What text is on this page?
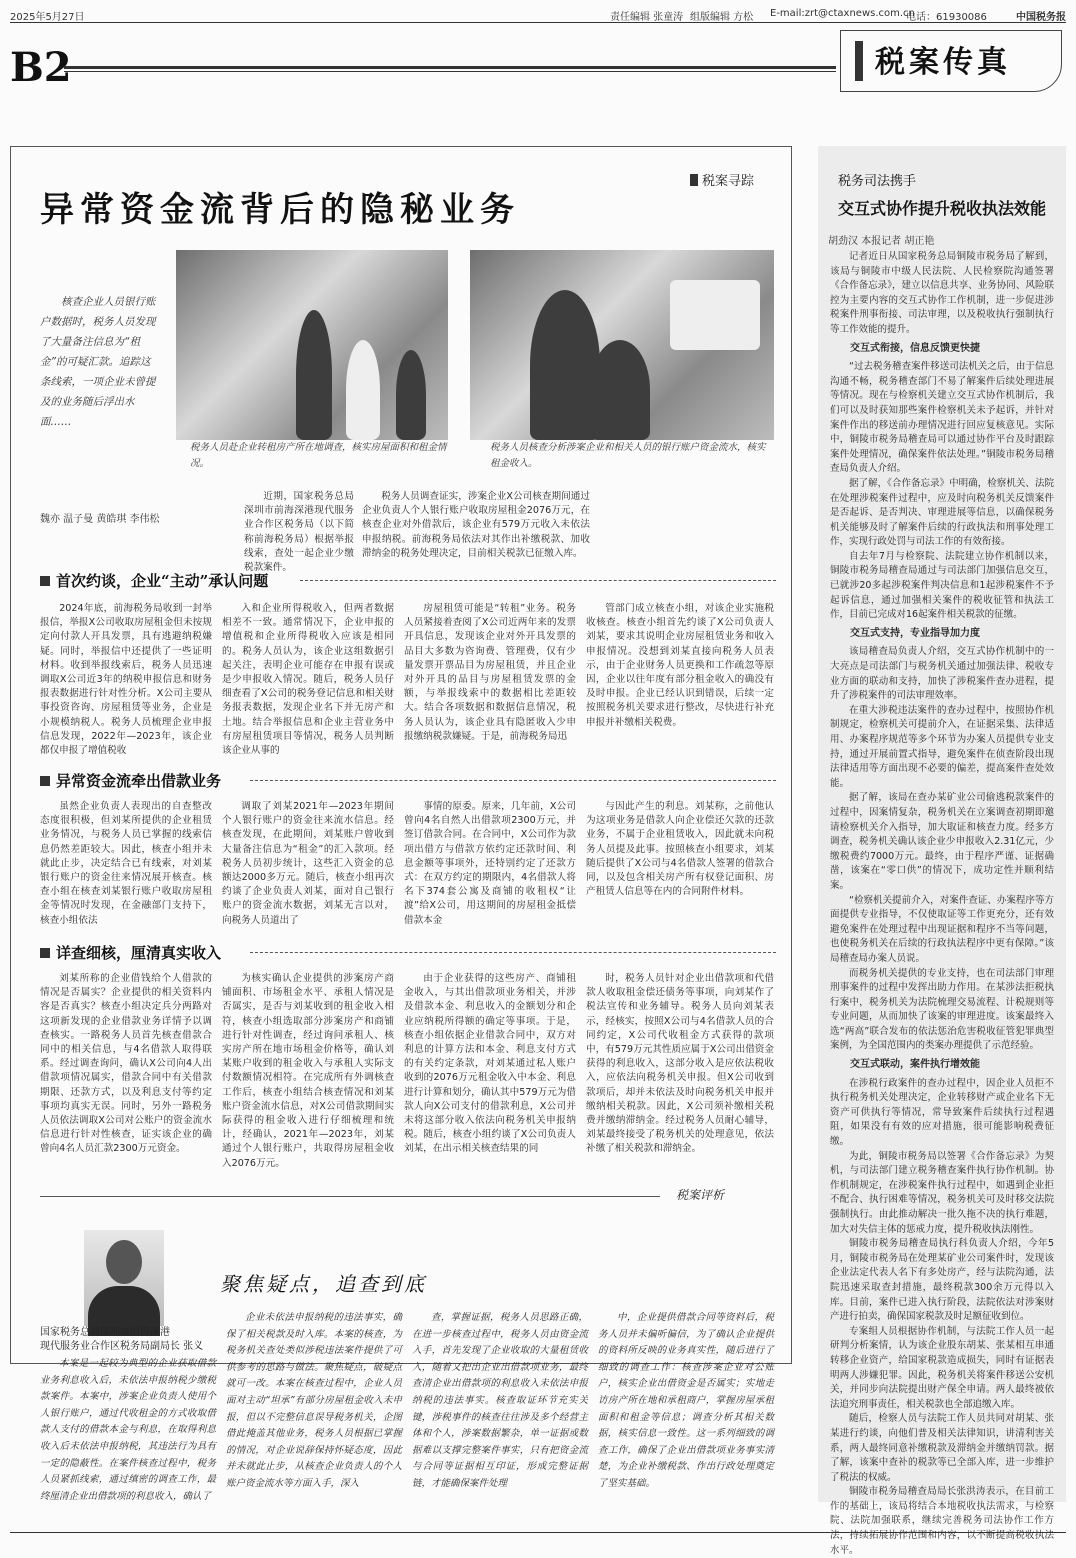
2025年5月27日	责任编辑 张童涛 组版编辑 方松 E-mail:zrt@ctaxnews.com.cn
电话：61930086	中国税务报
B2	税案传真
税案寻踪
异常资金流背后的隐秘业务
核查企业人员银行账户数据时，税务人员发现了大量备注信息为“租金”的可疑汇款。追踪这条线索，一项企业未曾提及的业务随后浮出水面……
税务人员赴企业转租房产所在地调查，核实房屋面积和租金情况。
税务人员核查分析涉案企业和相关人员的银行账户资金流水，核实租金收入。
魏亦 温子曼 黄皓琪 李伟松

近期，国家税务总局深圳市前海深港现代服务业合作区税务局（以下简称前海税务局）根据举报线索，查处一起企业少缴税款案件。

税务人员调查证实，涉案企业X公司核查期间通过企业负责人个人银行账户收取房屋租金2076万元，在核查企业对外借款后，该企业有579万元收入未依法申报纳税。前海税务局依法对其作出补缴税款、加收滞纳金的税务处理决定，目前相关税款已征缴入库。

首次约谈，企业“主动”承认问题

2024年底，前海税务局收到一封举报信，举报X公司收取房屋租金但未按规定向付款人开具发票，具有逃避纳税嫌疑。同时，举报信中还提供了一些证明材料。收到举报线索后，税务人员迅速调取X公司近3年的纳税申报信息和财务报表数据进行针对性分析。X公司主要从事投资咨询、房屋租赁等业务，企业是小规模纳税人。税务人员梳理企业申报信息发现，2022年—2023年，该企业都仅申报了增值税收

入和企业所得税收入，但两者数据相差不一致。通常情况下，企业申报的增值税和企业所得税收入应该是相同的。税务人员认为，该企业这组数据引起关注，表明企业可能存在申报有误或是少申报收入情况。随后，税务人员仔细查看了X公司的税务登记信息和相关财务报表数据，发现企业名下并无房产和土地。结合举报信息和企业主营业务中有房屋租赁项目等情况，税务人员判断该企业从事的

房屋租赁可能是“转租”业务。税务人员紧接着查阅了X公司近两年来的发票开具信息，发现该企业对外开具发票的品目大多数为咨询费、管理费，仅有少量发票开票品目为房屋租赁，并且企业对外开具的品目与房屋租赁发票的金额，与举报线索中的数据相比差距较大。结合各项数据和数据信息情况，税务人员认为，该企业具有隐匿收入少申报缴纳税款嫌疑。于是，前海税务局迅

管部门成立核查小组，对该企业实施税收核查。核查小组首先约谈了X公司负责人刘某，要求其说明企业房屋租赁业务和收入申报情况。没想到刘某直接向税务人员表示，由于企业财务人员更换和工作疏忽等原因，企业以往年度有部分租金收入的确没有及时申报。企业已经认识到错误，后续一定按照税务机关要求进行整改，尽快进行补充申报并补缴相关税费。

异常资金流牵出借款业务

虽然企业负责人表现出的自查整改态度很积极，但刘某所提供的企业租赁业务情况，与税务人员已掌握的线索信息仍然差距较大。因此，核查小组并未就此止步，决定结合已有线索，对刘某银行账户的资金往来情况展开核查。核查小组在核查刘某银行账户收取房屋租金等情况时发现，在金融部门支持下，核查小组依法

调取了刘某2021年—2023年期间个人银行账户的资金往来流水信息。经核查发现，在此期间，刘某账户曾收到大量备注信息为“租金”的汇入款项。经税务人员初步统计，这些汇入资金的总额达2000多万元。随后，核查小组再次约谈了企业负责人刘某，面对自己银行账户的资金流水数据，刘某无言以对，向税务人员道出了

事情的原委。原来，几年前，X公司曾向4名自然人出借款项2300万元，并签订借款合同。在合同中，X公司作为款项出借方与借款方依约定还款时间、利息金额等事项外，还特别约定了还款方式：在双方约定的期限内，4名借款人将名下374套公寓及商铺的收租权“让渡”给X公司，用这期间的房屋租金抵偿借款本金

与因此产生的利息。刘某称，之前他认为这项业务是借款人向企业偿还欠款的还款业务，不属于企业租赁收入，因此就未向税务人员提及此事。按照核查小组要求，刘某随后提供了X公司与4名借款人签署的借款合同，以及包含相关房产所有权登记面积、房产租赁人信息等在内的合同附件材料。

详查细核，厘清真实收入

刘某所称的企业借钱给个人借款的情况是否属实？企业提供的相关资料内容是否真实？核查小组决定兵分两路对这项新发现的企业借款业务详情予以调查核实。一路税务人员首先核查借款合同中的相关信息，与4名借款人取得联系。经过调查询问，确认X公司向4人出借款项情况属实，借款合同中有关借款期限、还款方式，以及利息支付等约定事项均真实无误。同时，另外一路税务人员依法调取X公司对公账户的资金流水信息进行针对性核查，证实该企业的确曾向4名人员汇款2300万元资金。

为核实确认企业提供的涉案房产商铺面积、市场租金水平、承租人情况是否属实，是否与刘某收到的租金收入相符，核查小组选取部分涉案房产和商铺进行针对性调查，经过询问承租人、核实房产所在地市场租金价格等，确认刘某账户收到的租金收入与承租人实际支付数额情况相符。在完成所有外调核查工作后，核查小组结合核查情况和刘某账户资金流水信息，对X公司借款期间实际获得的租金收入进行仔细梳理和统计，经确认，2021年—2023年，刘某通过个人银行账户，共取得房屋租金收入2076万元。

由于企业获得的这些房产、商铺租金收入，与其出借款项业务相关，并涉及借款本金、利息收入的金额划分和企业应纳税所得额的确定等事项。于是，核查小组依据企业借款合同中，双方对利息的计算方法和本金、利息支付方式的有关约定条款，对刘某通过私人账户收到的2076万元租金收入中本金、利息进行计算和划分，确认其中579万元为借款人向X公司支付的借款利息，X公司并未将这部分收入依法向税务机关申报纳税。随后，核查小组约谈了X公司负责人刘某，在出示相关核查结果的同

时，税务人员针对企业出借款项和代借款人收取租金偿还债务等事项，向刘某作了税法宣传和业务辅导。税务人员向刘某表示，经核实，按照X公司与4名借款人员的合同约定，X公司代收租金方式获得的款项中，有579万元其性质应属于X公司出借资金获得的利息收入，这部分收入是应依法税收入，应依法向税务机关申报。但X公司收到款项后，却并未依法及时向税务机关申报并缴纳相关税款。因此，X公司须补缴相关税费并缴纳滞纳金。经过税务人员耐心辅导，刘某最终接受了税务机关的处理意见，依法补缴了相关税款和滞纳金。

税案评析
聚焦疑点，追查到底
国家税务总局深圳市前海深港
现代服务业合作区税务局副局长 张义

本案是一起较为典型的企业获取借款业务利息收入后，未依法申报纳税少缴税款案件。本案中，涉案企业负责人使用个人银行账户，通过代收租金的方式收取借款人支付的借款本金与利息，在取得利息收入后未依法申报纳税，其违法行为具有一定的隐蔽性。在案件核查过程中，税务人员紧抓线索，通过缜密的调查工作，最终厘清企业出借款项的利息收入，确认了

企业未依法申报纳税的违法事实，确保了相关税款及时入库。本案的核查，为税务机关查处类似涉税违法案件提供了可供参考的思路与做法。聚焦疑点，破疑点就可一改。本案在核查过程中，企业人员面对主动“坦承”有部分房屋租金收入未申报，但以不完整信息误导税务机关，企图借此掩盖其他业务，税务人员根据已掌握的情况，对企业说辞保持怀疑态度，因此并未就此止步，从核查企业负责人的个人账户资金流水等方面入手，深入

查，掌握证据，税务人员思路正确，在进一步核查过程中，税务人员由资金流入手，首先发现了企业收取的大量租赁收入，随着又把出企业出借款项业务，最终查清企业出借款项的利息收入未依法申报纳税的违法事实。核查取证环节充实关键，涉税事件的核查往往涉及多个经营主体和个人，涉案数据繁杂，单一证据或数据难以支撑完整案件事实，只有把资金流与合同等证据相互印证，形成完整证据链，才能确保案件处理

中，企业提供借款合同等资料后，税务人员并未偏听偏信，为了确认企业提供的资料所反映的业务真实性，随后进行了细致的调查工作：核查涉案企业对公账户，核实企业出借资金是否属实；实地走访房产所在地和承租商户，掌握房屋承租面积和租金等信息；调查分析其相关数据，核实信息一致性。这一系列细致的调查工作，确保了企业出借款项业务事实清楚，为企业补缴税款、作出行政处理奠定了坚实基础。

税务司法携手
交互式协作提升税收执法效能
胡劲汉 本报记者 胡正艳

记者近日从国家税务总局铜陵市税务局了解到，该局与铜陵市中级人民法院、人民检察院沟通签署《合作备忘录》，建立以信息共享、业务协同、风险联控为主要内容的交互式协作工作机制，进一步促进涉税案件刑事衔接、司法审理，以及税收执行强制执行等工作效能的提升。

交互式衔接，信息反馈更快捷

“过去税务稽查案件移送司法机关之后，由于信息沟通不畅，税务稽查部门不易了解案件后续处理进展等情况。现在与检察机关建立交互式协作机制后，我们可以及时获知那些案件检察机关未予起诉，并针对案件作出的移送前办理情况进行回应复核意见。实际中，铜陵市税务局稽查局可以通过协作平台及时跟踪案件处理情况，确保案件依法处理。”铜陵市税务局稽查局负责人介绍。

据了解，《合作备忘录》中明确，检察机关、法院在处理涉税案件过程中，应及时向税务机关反馈案件是否起诉、是否判决、审理进展等信息，以确保税务机关能够及时了解案件后续的行政执法和刑事处理工作，实现行政处罚与司法工作的有效衔接。

自去年7月与检察院、法院建立协作机制以来，铜陵市税务局稽查局通过与司法部门加强信息交互，已就涉20多起涉税案件判决信息和1起涉税案件不予起诉信息，通过加强相关案件的税收征管和执法工作，目前已完成对16起案件相关税款的征缴。

交互式支持，专业指导加力度

该局稽查局负责人介绍，交互式协作机制中的一大亮点是司法部门与税务机关通过加强法律、税收专业方面的联动和支持，加快了涉税案件查办进程，提升了涉税案件的司法审理效率。

在重大涉税违法案件的查办过程中，按照协作机制规定，检察机关可提前介入，在证据采集、法律适用、办案程序规范等多个环节为办案人员提供专业支持，通过开展前置式指导，避免案件在侦查阶段出现法律适用等方面出现不必要的偏差，提高案件查处效能。

据了解，该局在查办某矿业公司偷逃税款案件的过程中，因案情复杂，税务机关在立案调查初期即邀请检察机关介入指导，加大取证和核查力度。经多方调查，税务机关确认该企业少申报收入2.31亿元，少缴税费约7000万元。最终，由于程序严谨、证据确凿，该案在“零口供”的情况下，成功定性并顺利结案。

“检察机关提前介入，对案件查证、办案程序等方面提供专业指导，不仅使取证等工作更充分，还有效避免案件在处理过程中出现证据和程序不当等问题，也使税务机关在后续的行政执法程序中更有保障。”该局稽查局办案人员说。

而税务机关提供的专业支持，也在司法部门审理刑事案件的过程中发挥出助力作用。在某涉法拒税执行案中，税务机关为法院梳理交易流程、计税规则等专业问题，从而加快了该案的审理进度。该案最终入选“两高”联合发布的依法惩治危害税收征管犯罪典型案例，为全国范围内的类案办理提供了示范经验。

交互式联动，案件执行增效能

在涉税行政案件的查办过程中，因企业人员拒不执行税务机关处理决定，企业转移财产或企业名下无资产可供执行等情况，常导致案件后续执行过程遇阻，如果没有有效的应对措施，很可能影响税费征缴。

为此，铜陵市税务局以签署《合作备忘录》为契机，与司法部门建立税务稽查案件执行协作机制。协作机制规定，在涉税案件执行过程中，如遇到企业拒不配合、执行困难等情况，税务机关可及时移交法院强制执行。由此推动解决一批久拖不决的执行难题，加大对失信主体的惩戒力度，提升税收执法刚性。

铜陵市税务局稽查局执行科负责人介绍，今年5月，铜陵市税务局在处理某矿业公司案件时，发现该企业法定代表人名下有多处房产，经与法院沟通，法院迅速采取查封措施，最终税款300余万元得以入库。目前，案件已进入执行阶段，法院依法对涉案财产进行拍卖，确保国家税款及时足额征收到位。

专案组人员根据协作机制，与法院工作人员一起研判分析案情，认为该企业股东胡某、张某相互串通转移企业资产，给国家税款造成损失，同时有证据表明两人涉嫌犯罪。因此，税务机关将案件移送公安机关，并同步向法院提出财产保全申请。两人最终被依法追究刑事责任，相关税款也全部追缴入库。

随后，检察人员与法院工作人员共同对胡某、张某进行约谈，向他们普及相关法律知识，讲清利害关系，两人最终同意补缴税款及滞纳金并缴纳罚款。据了解，该案中查补的税款等已全部入库，进一步维护了税法的权威。

铜陵市税务局稽查局局长张洪涛表示，在目前工作的基础上，该局将结合本地税收执法需求，与检察院、法院加强联系，继续完善税务司法协作工作方法，持续拓展协作范围和内容，以不断提高税收执法水平。
